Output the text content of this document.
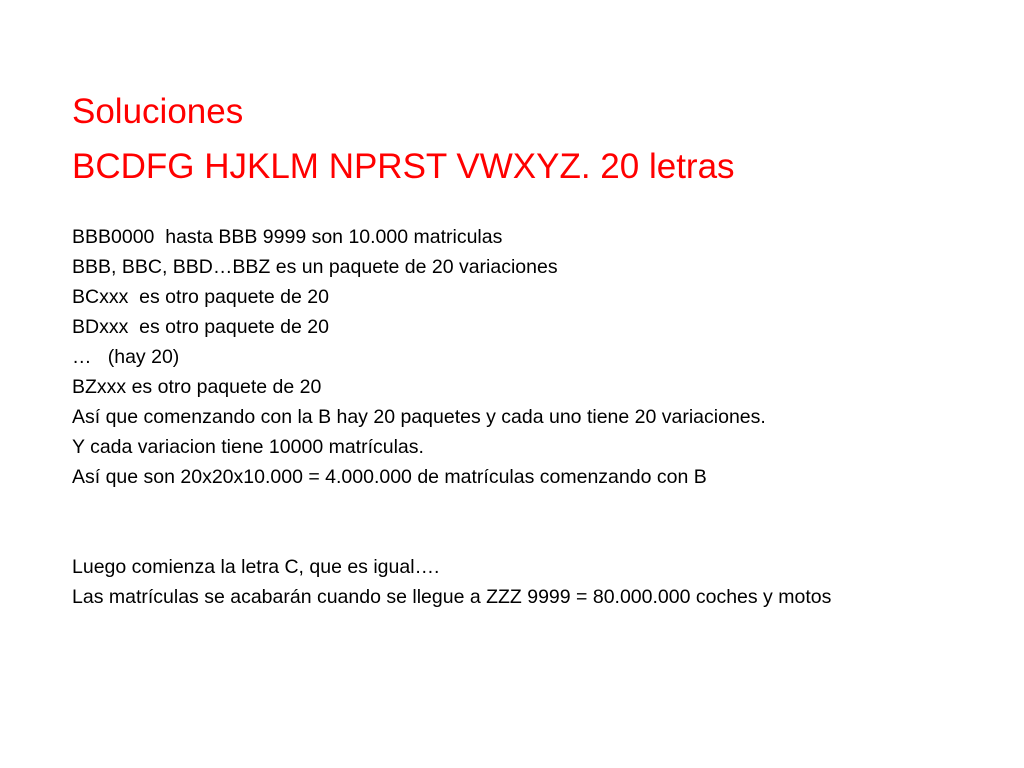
Soluciones
BCDFG HJKLM NPRST VWXYZ. 20 letras
BBB0000  hasta BBB 9999 son 10.000 matriculas
BBB, BBC, BBD…BBZ es un paquete de 20 variaciones
BCxxx  es otro paquete de 20
BDxxx  es otro paquete de 20
…   (hay 20)
BZxxx es otro paquete de 20
Así que comenzando con la B hay 20 paquetes y cada uno tiene 20 variaciones.
Y cada variacion tiene 10000 matrículas.
Así que son 20x20x10.000 = 4.000.000 de matrículas comenzando con B
Luego comienza la letra C, que es igual….
Las matrículas se acabarán cuando se llegue a ZZZ 9999 = 80.000.000 coches y motos
